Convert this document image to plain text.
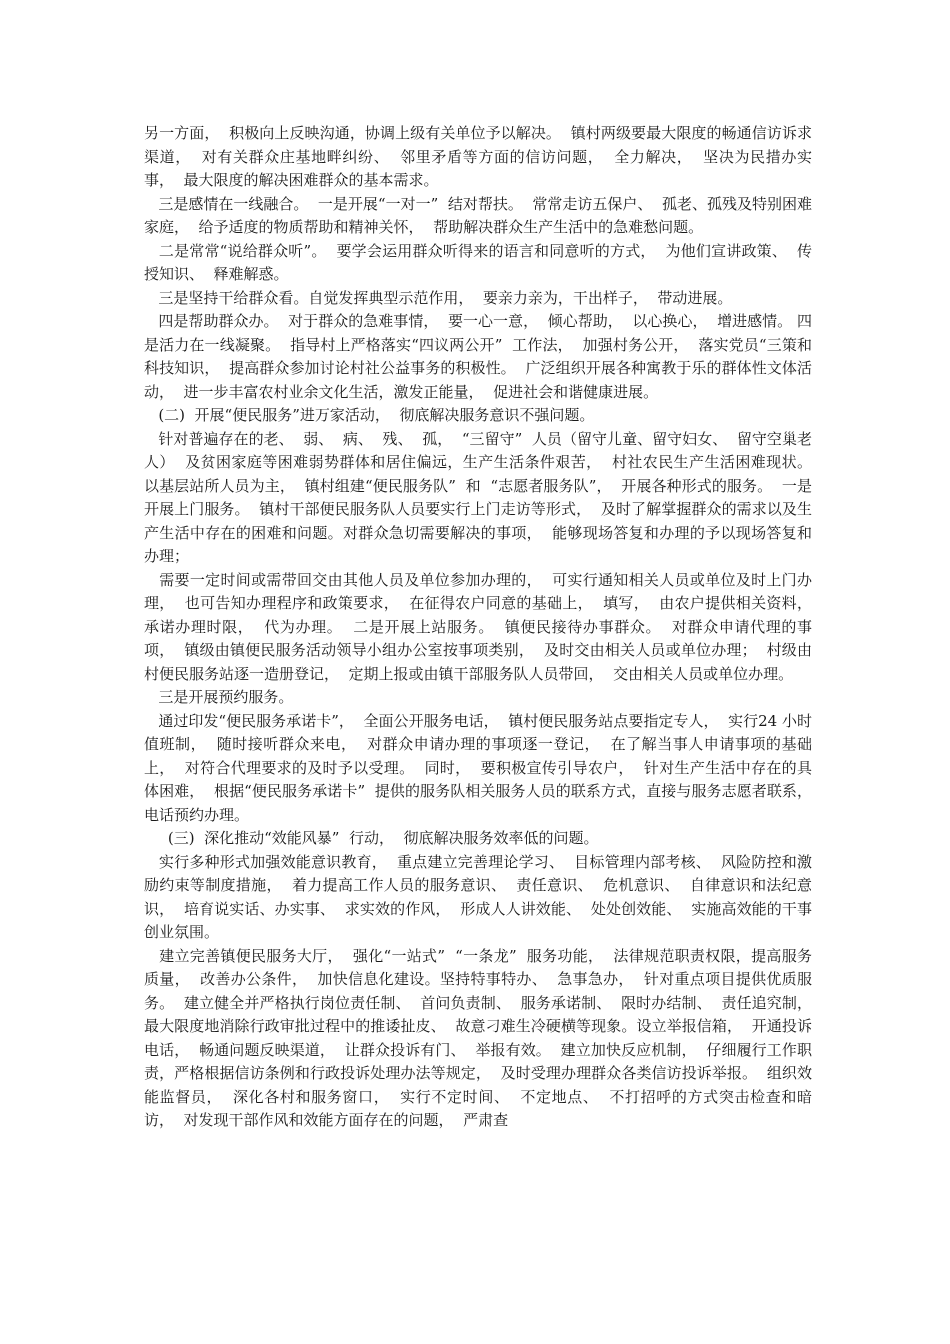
另一方面，  积极向上反映沟通，协调上级有关单位予以解决。  镇村两级要最大限度的畅通信访诉求渠道，  对有关群众庄基地畔纠纷、  邻里矛盾等方面的信访问题，  全力解决，  坚决为民措办实事，  最大限度的解决困难群众的基本需求。

三是感情在一线融合。  一是开展“一对一”  结对帮扶。  常常走访五保户、  孤老、孤残及特别困难家庭，  给予适度的物质帮助和精神关怀，  帮助解决群众生产生活中的急难愁问题。

二是常常“说给群众听”。  要学会运用群众听得来的语言和同意听的方式，  为他们宣讲政策、  传授知识、  释难解惑。

三是坚持干给群众看。自觉发挥典型示范作用，  要亲力亲为，干出样子，  带动进展。

四是帮助群众办。  对于群众的急难事情，  要一心一意，  倾心帮助，  以心换心，  增进感情。 四是活力在一线凝聚。  指导村上严格落实“四议两公开”  工作法，  加强村务公开，  落实党员“三策和科技知识，  提高群众参加讨论村社公益事务的积极性。  广泛组织开展各种寓教于乐的群体性文体活动，  进一步丰富农村业余文化生活，激发正能量，  促进社会和谐健康进展。

(二)  开展“便民服务”进万家活动，  彻底解决服务意识不强问题。

针对普遍存在的老、  弱、  病、  残、  孤，  “三留守”  人员（留守儿童、留守妇女、  留守空巢老人）  及贫困家庭等困难弱势群体和居住偏远，生产生活条件艰苦，  村社农民生产生活困难现状。  以基层站所人员为主，  镇村组建“便民服务队”  和  “志愿者服务队”，  开展各种形式的服务。  一是开展上门服务。  镇村干部便民服务队人员要实行上门走访等形式，  及时了解掌握群众的需求以及生产生活中存在的困难和问题。对群众急切需要解决的事项，  能够现场答复和办理的予以现场答复和办理；

需要一定时间或需带回交由其他人员及单位参加办理的，  可实行通知相关人员或单位及时上门办理，  也可告知办理程序和政策要求，  在征得农户同意的基础上，  填写，  由农户提供相关资料，  承诺办理时限，  代为办理。  二是开展上站服务。  镇便民接待办事群众。  对群众申请代理的事项，  镇级由镇便民服务活动领导小组办公室按事项类别，  及时交由相关人员或单位办理；  村级由村便民服务站逐一造册登记，  定期上报或由镇干部服务队人员带回，  交由相关人员或单位办理。

三是开展预约服务。

通过印发“便民服务承诺卡”，  全面公开服务电话，  镇村便民服务站点要指定专人，  实行24 小时值班制，  随时接听群众来电，  对群众申请办理的事项逐一登记，  在了解当事人申请事项的基础上，  对符合代理要求的及时予以受理。  同时，  要积极宣传引导农户，  针对生产生活中存在的具体困难，  根据“便民服务承诺卡”  提供的服务队相关服务人员的联系方式，直接与服务志愿者联系，  电话预约办理。

(三)  深化推动“效能风暴”  行动，  彻底解决服务效率低的问题。

实行多种形式加强效能意识教育，  重点建立完善理论学习、  目标管理内部考核、  风险防控和激励约束等制度措施，  着力提高工作人员的服务意识、  责任意识、  危机意识、  自律意识和法纪意识，  培育说实话、办实事、  求实效的作风，  形成人人讲效能、  处处创效能、  实施高效能的干事创业氛围。

建立完善镇便民服务大厅，  强化“一站式”  “一条龙”  服务功能，  法律规范职责权限，提高服务质量，  改善办公条件，  加快信息化建设。坚持特事特办、  急事急办，  针对重点项目提供优质服务。  建立健全并严格执行岗位责任制、  首问负责制、  服务承诺制、  限时办结制、  责任追究制，  最大限度地消除行政审批过程中的推诿扯皮、  故意刁难生冷硬横等现象。设立举报信箱，  开通投诉电话，  畅通问题反映渠道，  让群众投诉有门、  举报有效。  建立加快反应机制，  仔细履行工作职责，严格根据信访条例和行政投诉处理办法等规定，  及时受理办理群众各类信访投诉举报。  组织效能监督员，  深化各村和服务窗口，  实行不定时间、  不定地点、  不打招呼的方式突击检查和暗访，  对发现干部作风和效能方面存在的问题，  严肃查
